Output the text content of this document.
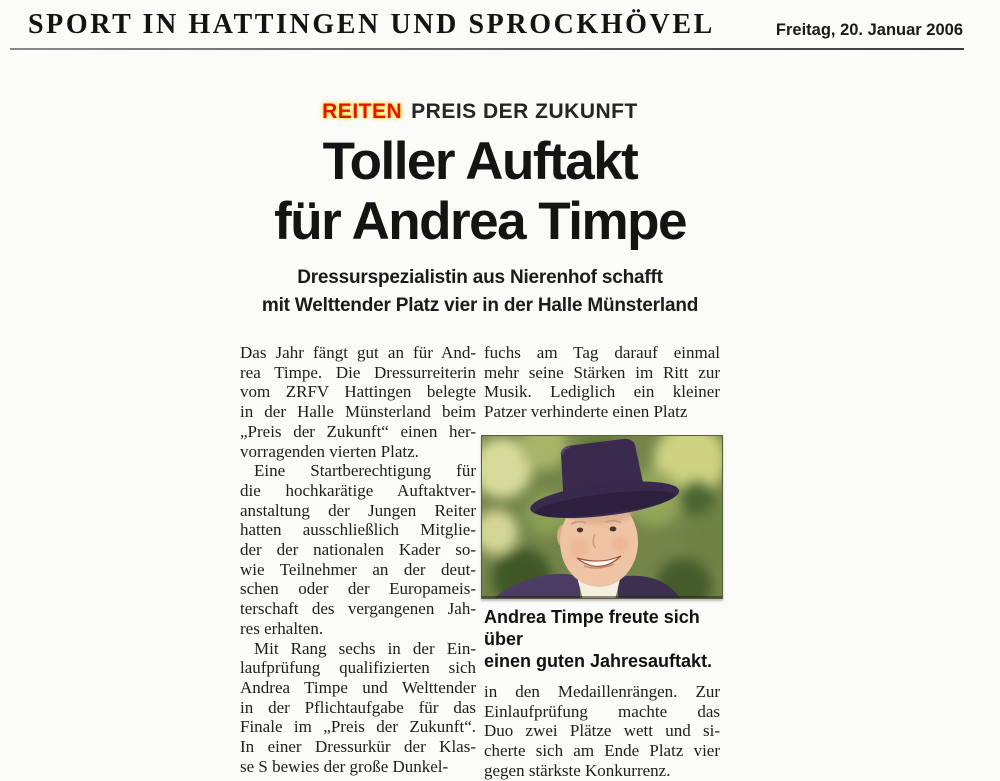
SPORT IN HATTINGEN UND SPROCKHÖVEL	Freitag, 20. Januar 2006
REITEN PREIS DER ZUKUNFT
Toller Auftakt
für Andrea Timpe
Dressurspezialistin aus Nierenhof schafft
mit Welttender Platz vier in der Halle Münsterland
Das Jahr fängt gut an für And-
rea Timpe. Die Dressurreiterin
vom ZRFV Hattingen belegte
in der Halle Münsterland beim
„Preis der Zukunft“ einen her-
vorragenden vierten Platz.
Eine Startberechtigung für
die hochkarätige Auftaktver-
anstaltung der Jungen Reiter
hatten ausschließlich Mitglie-
der der nationalen Kader so-
wie Teilnehmer an der deut-
schen oder der Europameis-
terschaft des vergangenen Jah-
res erhalten.
Mit Rang sechs in der Ein-
laufprüfung qualifizierten sich
Andrea Timpe und Welttender
in der Pflichtaufgabe für das
Finale im „Preis der Zukunft“.
In einer Dressurkür der Klas-
se S bewies der große Dunkel-
fuchs am Tag darauf einmal
mehr seine Stärken im Ritt zur
Musik. Lediglich ein kleiner
Patzer verhinderte einen Platz
Andrea Timpe freute sich über
einen guten Jahresauftakt.
in den Medaillenrängen. Zur
Einlaufprüfung machte das
Duo zwei Plätze wett und si-
cherte sich am Ende Platz vier
gegen stärkste Konkurrenz.
